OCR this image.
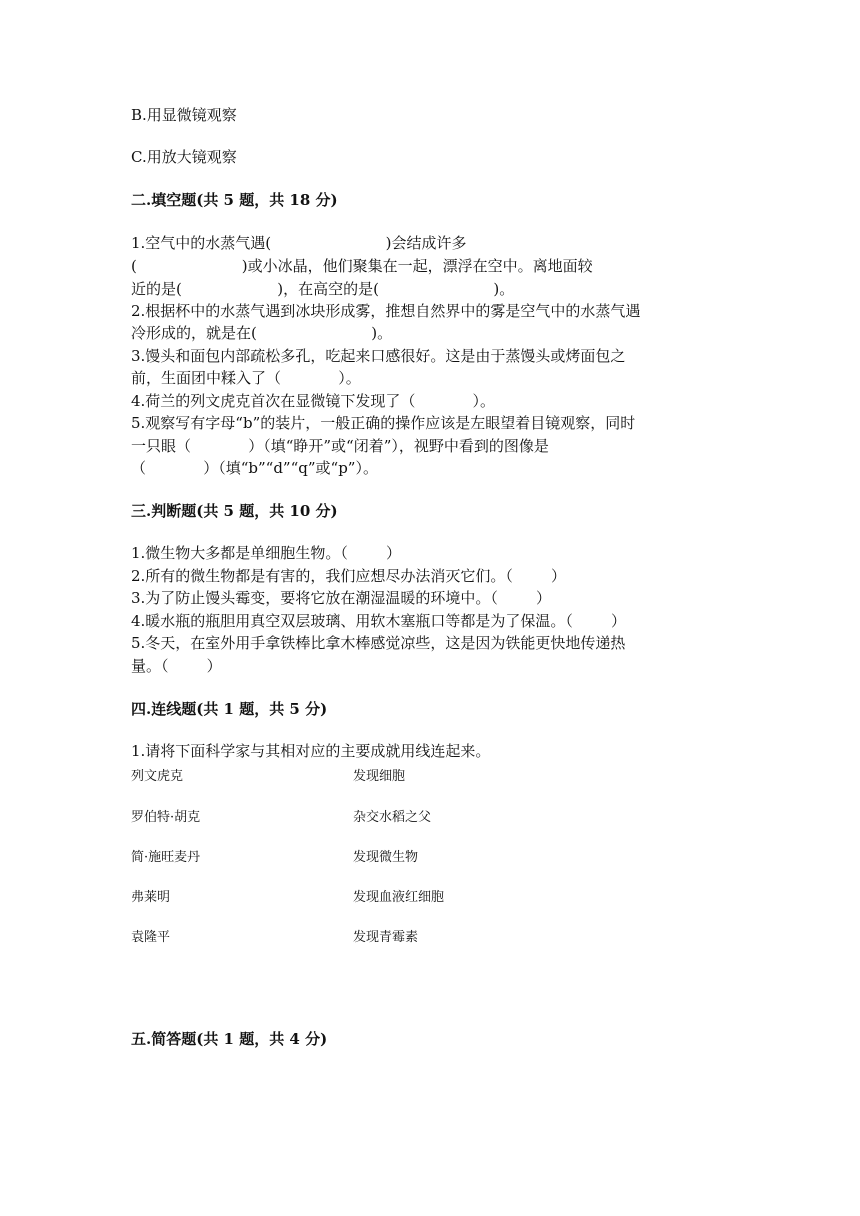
B.用显微镜观察
C.用放大镜观察
二.填空题(共 5 题，共 18 分)
1.空气中的水蒸气遇(                        )会结成许多
(                      )或小冰晶，他们聚集在一起，漂浮在空中。离地面较
近的是(                    )，在高空的是(                        )。
2.根据杯中的水蒸气遇到冰块形成雾，推想自然界中的雾是空气中的水蒸气遇
冷形成的，就是在(                        )。
3.馒头和面包内部疏松多孔，吃起来口感很好。这是由于蒸馒头或烤面包之
前，生面团中糅入了（            ）。
4.荷兰的列文虎克首次在显微镜下发现了（            ）。
5.观察写有字母“b”的装片，一般正确的操作应该是左眼望着目镜观察，同时
一只眼（            ）（填“睁开”或“闭着”），视野中看到的图像是
（            ）（填“b”“d”“q”或“p”）。
三.判断题(共 5 题，共 10 分)
1.微生物大多都是单细胞生物。（        ）
2.所有的微生物都是有害的，我们应想尽办法消灭它们。（        ）
3.为了防止馒头霉变，要将它放在潮湿温暖的环境中。（        ）
4.暖水瓶的瓶胆用真空双层玻璃、用软木塞瓶口等都是为了保温。（        ）
5.冬天，在室外用手拿铁棒比拿木棒感觉凉些，这是因为铁能更快地传递热
量。（        ）
四.连线题(共 1 题，共 5 分)
1.请将下面科学家与其相对应的主要成就用线连起来。
列文虎克
罗伯特·胡克
简·施旺麦丹
弗莱明
袁隆平
发现细胞
杂交水稻之父
发现微生物
发现血液红细胞
发现青霉素
五.简答题(共 1 题，共 4 分)
